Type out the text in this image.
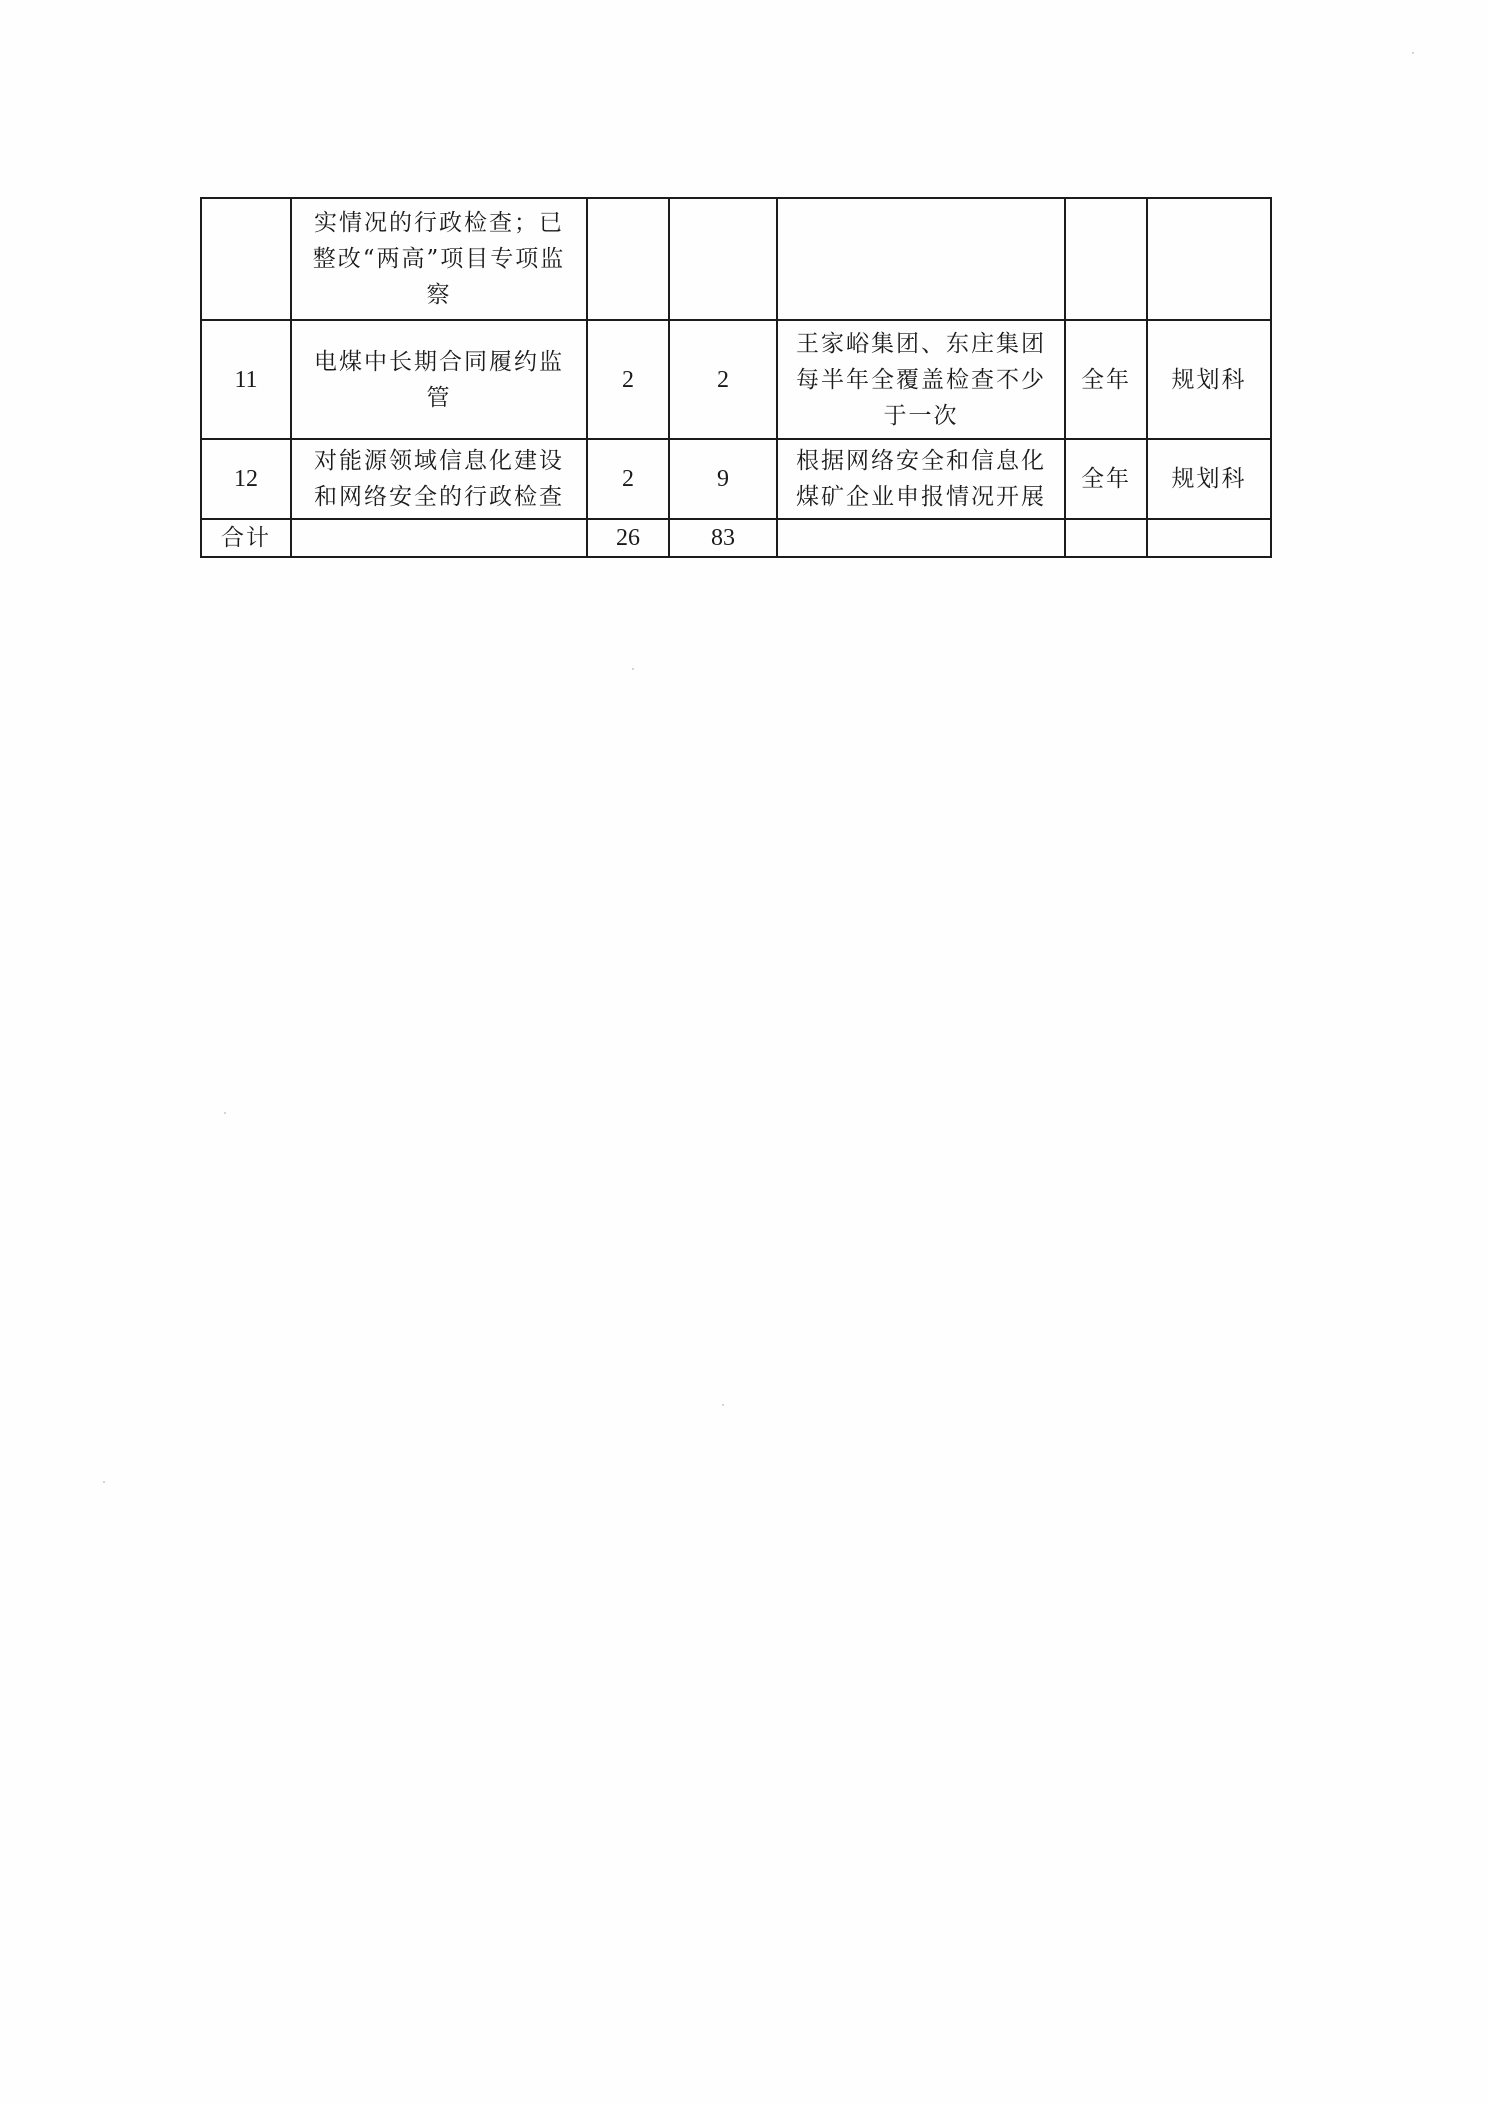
	实情况的行政检查；已整改“两高”项目专项监察					
11	电煤中长期合同履约监管	2	2	王家峪集团、东庄集团每半年全覆盖检查不少于一次	全年	规划科
12	对能源领域信息化建设和网络安全的行政检查	2	9	根据网络安全和信息化煤矿企业申报情况开展	全年	规划科
合计		26	83			
